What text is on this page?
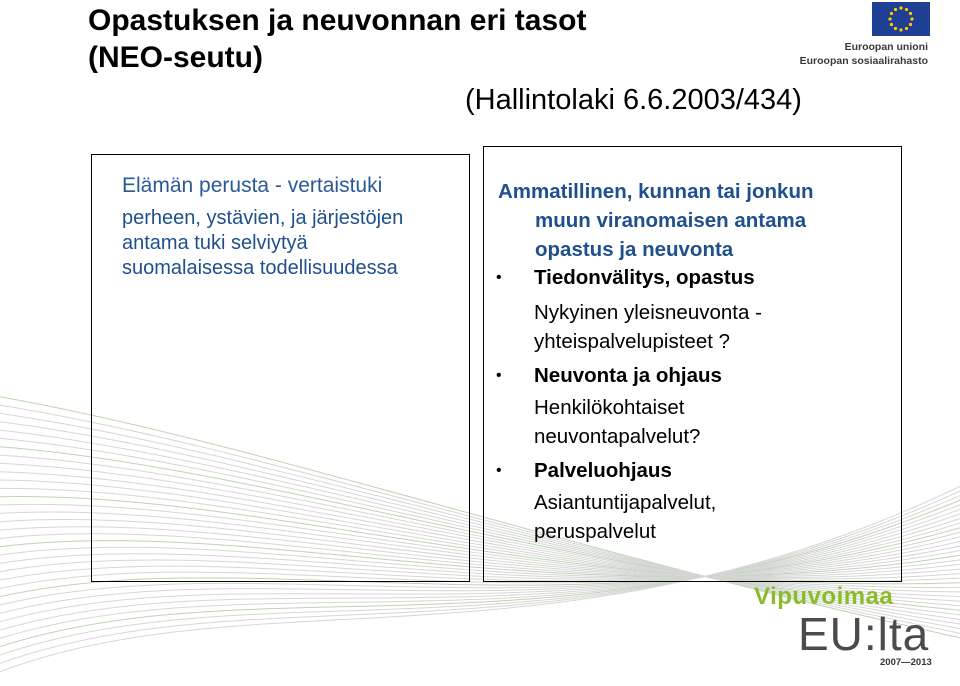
Opastuksen ja neuvonnan eri tasot
(NEO-seutu)
(Hallintolaki 6.6.2003/434)
Euroopan unioni
Euroopan sosiaalirahasto
Elämän perusta - vertaistuki
perheen, ystävien, ja järjestöjen
antama tuki selviytyä
suomalaisessa todellisuudessa
Ammatillinen, kunnan tai jonkun
muun viranomaisen antama
opastus ja neuvonta
•	Tiedonvälitys, opastus
Nykyinen yleisneuvonta -
yhteispalvelupisteet ?
•	Neuvonta ja ohjaus
Henkilökohtaiset
neuvontapalvelut?
•	Palveluohjaus
Asiantuntijapalvelut,
peruspalvelut
Vipuvoimaa
EU:lta
2007—2013
